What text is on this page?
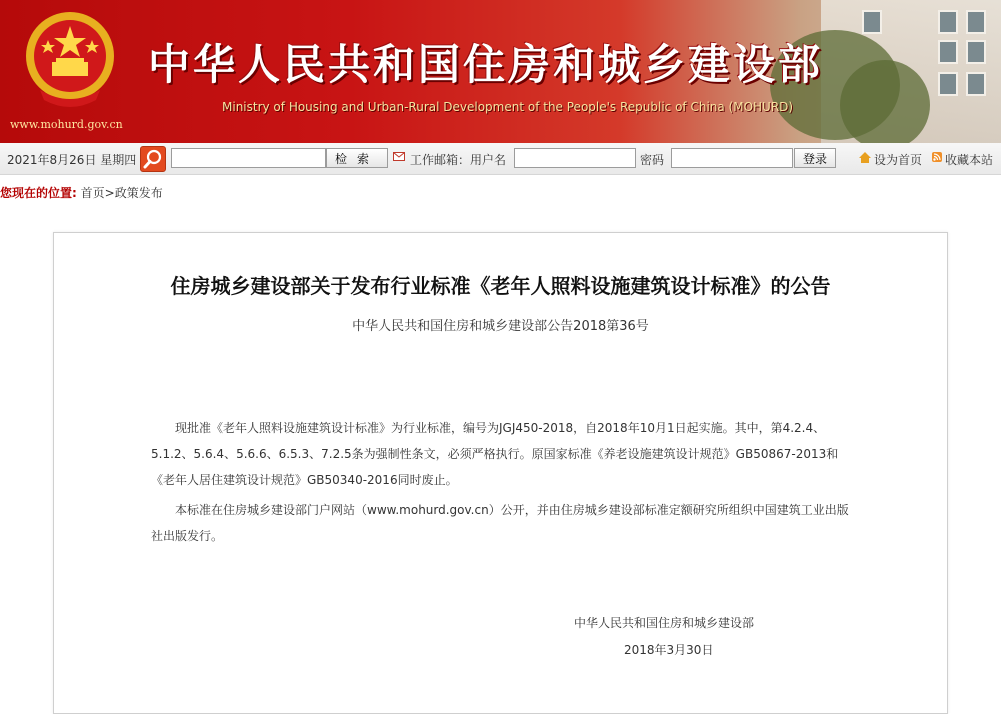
www.mohurd.gov.cn
中华人民共和国住房和城乡建设部
Ministry of Housing and Urban-Rural Development of the People's Republic of China (MOHURD)
2021年8月26日 星期四	检索	工作邮箱：用户名	密码	登录	设为首页 收藏本站
您现在的位置: 首页>政策发布
住房城乡建设部关于发布行业标准《老年人照料设施建筑设计标准》的公告
中华人民共和国住房和城乡建设部公告2018第36号

现批准《老年人照料设施建筑设计标准》为行业标准，编号为JGJ450-2018，自2018年10月1日起实施。其中，第4.2.4、5.1.2、5.6.4、5.6.6、6.5.3、7.2.5条为强制性条文，必须严格执行。原国家标准《养老设施建筑设计规范》GB50867-2013和《老年人居住建筑设计规范》GB50340-2016同时废止。

本标准在住房城乡建设部门户网站（www.mohurd.gov.cn）公开，并由住房城乡建设部标准定额研究所组织中国建筑工业出版社出版发行。

中华人民共和国住房和城乡建设部
2018年3月30日
